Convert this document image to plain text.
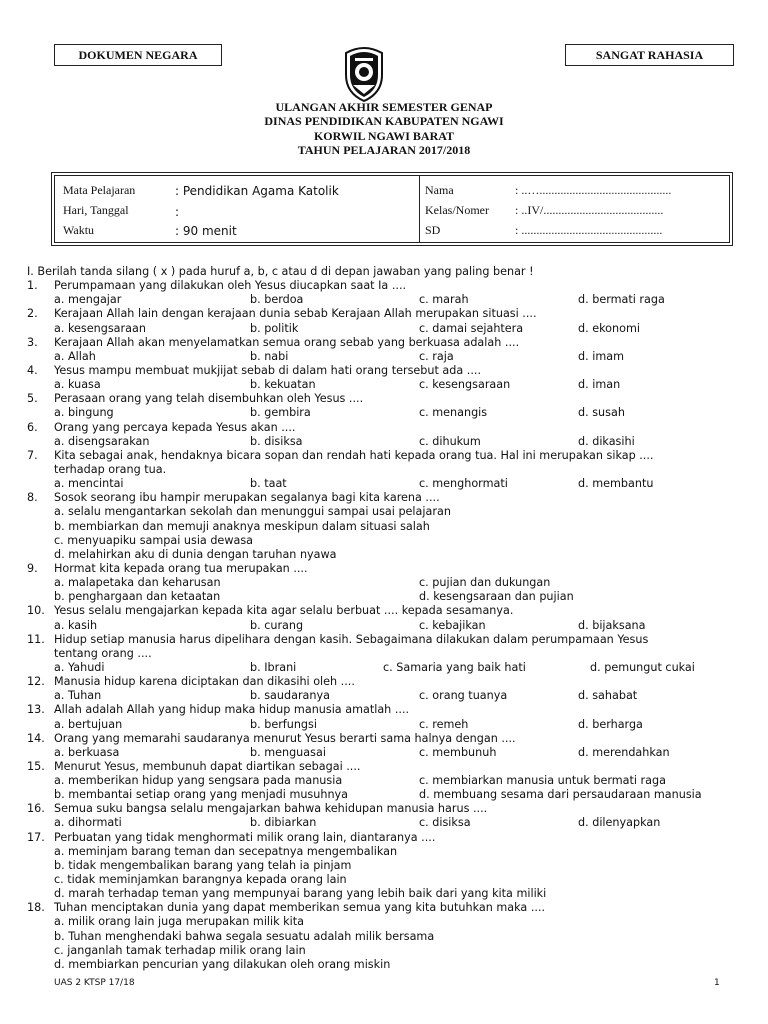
DOKUMEN NEGARA	SANGAT RAHASIA
ULANGAN AKHIR SEMESTER GENAP
DINAS PENDIDIKAN KABUPATEN NGAWI
KORWIL NGAWI BARAT
TAHUN PELAJARAN 2017/2018
Mata Pelajaran	: Pendidikan Agama Katolik
Hari, Tanggal	:
Waktu	: 90 menit
Nama	: ..…............................................
Kelas/Nomer : ..IV/........................................
SD	: ...............................................
I. Berilah tanda silang ( x ) pada huruf a, b, c atau d di depan jawaban yang paling benar !
1. Perumpamaan yang dilakukan oleh Yesus diucapkan saat Ia ....
a. mengajar	b. berdoa	c. marah	d. bermati raga
2. Kerajaan Allah lain dengan kerajaan dunia sebab Kerajaan Allah merupakan situasi ....
a. kesengsaraan	b. politik	c. damai sejahtera	d. ekonomi
3. Kerajaan Allah akan menyelamatkan semua orang sebab yang berkuasa adalah ....
a. Allah	b. nabi	c. raja	d. imam
4. Yesus mampu membuat mukjijat sebab di dalam hati orang tersebut ada ....
a. kuasa	b. kekuatan	c. kesengsaraan	d. iman
5. Perasaan orang yang telah disembuhkan oleh Yesus ....
a. bingung	b. gembira	c. menangis	d. susah
6. Orang yang percaya kepada Yesus akan ....
a. disengsarakan	b. disiksa	c. dihukum	d. dikasihi
7. Kita sebagai anak, hendaknya bicara sopan dan rendah hati kepada orang tua. Hal ini merupakan sikap ....
terhadap orang tua.
a. mencintai	b. taat	c. menghormati	d. membantu
8. Sosok seorang ibu hampir merupakan segalanya bagi kita karena ....
a. selalu mengantarkan sekolah dan menunggui sampai usai pelajaran
b. membiarkan dan memuji anaknya meskipun dalam situasi salah
c. menyuapiku sampai usia dewasa
d. melahirkan aku di dunia dengan taruhan nyawa
9. Hormat kita kepada orang tua merupakan ....
a. malapetaka dan keharusan	c. pujian dan dukungan
b. penghargaan dan ketaatan	d. kesengsaraan dan pujian
10. Yesus selalu mengajarkan kepada kita agar selalu berbuat .... kepada sesamanya.
a. kasih	b. curang	c. kebajikan	d. bijaksana
11. Hidup setiap manusia harus dipelihara dengan kasih. Sebagaimana dilakukan dalam perumpamaan Yesus
tentang orang ....
a. Yahudi	b. Ibrani	c. Samaria yang baik hati	d. pemungut cukai
12. Manusia hidup karena diciptakan dan dikasihi oleh ....
a. Tuhan	b. saudaranya	c. orang tuanya	d. sahabat
13. Allah adalah Allah yang hidup maka hidup manusia amatlah ....
a. bertujuan	b. berfungsi	c. remeh	d. berharga
14. Orang yang memarahi saudaranya menurut Yesus berarti sama halnya dengan ....
a. berkuasa	b. menguasai	c. membunuh	d. merendahkan
15. Menurut Yesus, membunuh dapat diartikan sebagai ....
a. memberikan hidup yang sengsara pada manusia	c. membiarkan manusia untuk bermati raga
b. membantai setiap orang yang menjadi musuhnya	d. membuang sesama dari persaudaraan manusia
16. Semua suku bangsa selalu mengajarkan bahwa kehidupan manusia harus ....
a. dihormati	b. dibiarkan	c. disiksa	d. dilenyapkan
17. Perbuatan yang tidak menghormati milik orang lain, diantaranya ....
a. meminjam barang teman dan secepatnya mengembalikan
b. tidak mengembalikan barang yang telah ia pinjam
c. tidak meminjamkan barangnya kepada orang lain
d. marah terhadap teman yang mempunyai barang yang lebih baik dari yang kita miliki
18. Tuhan menciptakan dunia yang dapat memberikan semua yang kita butuhkan maka ....
a. milik orang lain juga merupakan milik kita
b. Tuhan menghendaki bahwa segala sesuatu adalah milik bersama
c. janganlah tamak terhadap milik orang lain
d. membiarkan pencurian yang dilakukan oleh orang miskin
UAS 2 KTSP 17/18	1
